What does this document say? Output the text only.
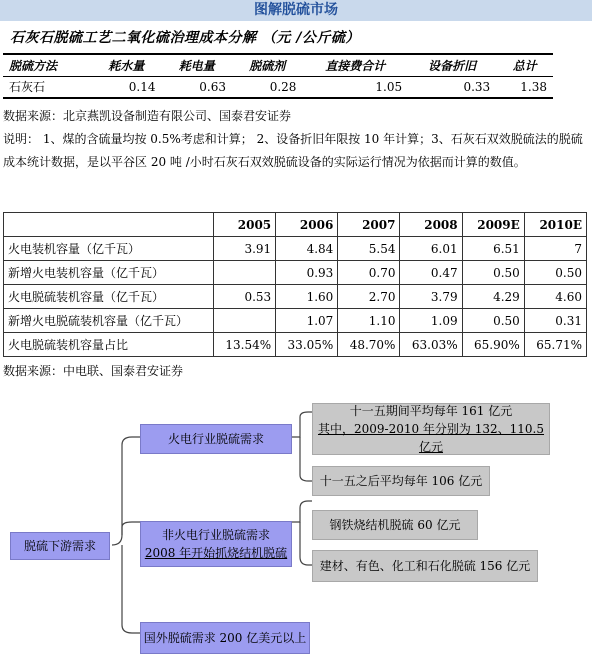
图解脱硫市场
石灰石脱硫工艺二氧化硫治理成本分解 （元 /公斤硫）
脱硫方法	耗水量	耗电量	脱硫剂	直接费合计	设备折旧	总计
石灰石	0.14	0.63	0.28	1.05	0.33	1.38
数据来源：北京燕凯设备制造有限公司、国泰君安证券
说明： 1、煤的含硫量均按 0.5%考虑和计算； 2、设备折旧年限按 10 年计算；3、石灰石双效脱硫法的脱硫成本统计数据，是以平谷区 20 吨 /小时石灰石双效脱硫设备的实际运行情况为依据而计算的数值。
	2005	2006	2007	2008	2009E	2010E
火电装机容量（亿千瓦）	3.91	4.84	5.54	6.01	6.51	7
新增火电装机容量（亿千瓦）		0.93	0.70	0.47	0.50	0.50
火电脱硫装机容量（亿千瓦）	0.53	1.60	2.70	3.79	4.29	4.60
新增火电脱硫装机容量（亿千瓦）		1.07	1.10	1.09	0.50	0.31
火电脱硫装机容量占比	13.54%	33.05%	48.70%	63.03%	65.90%	65.71%
数据来源：中电联、国泰君安证券
脱硫下游需求
火电行业脱硫需求
十一五期间平均每年 161 亿元
其中，2009-2010 年分别为 132、110.5 亿元
十一五之后平均每年 106 亿元
非火电行业脱硫需求
2008 年开始抓烧结机脱硫
钢铁烧结机脱硫 60 亿元
建材、有色、化工和石化脱硫 156 亿元
国外脱硫需求 200 亿美元以上
